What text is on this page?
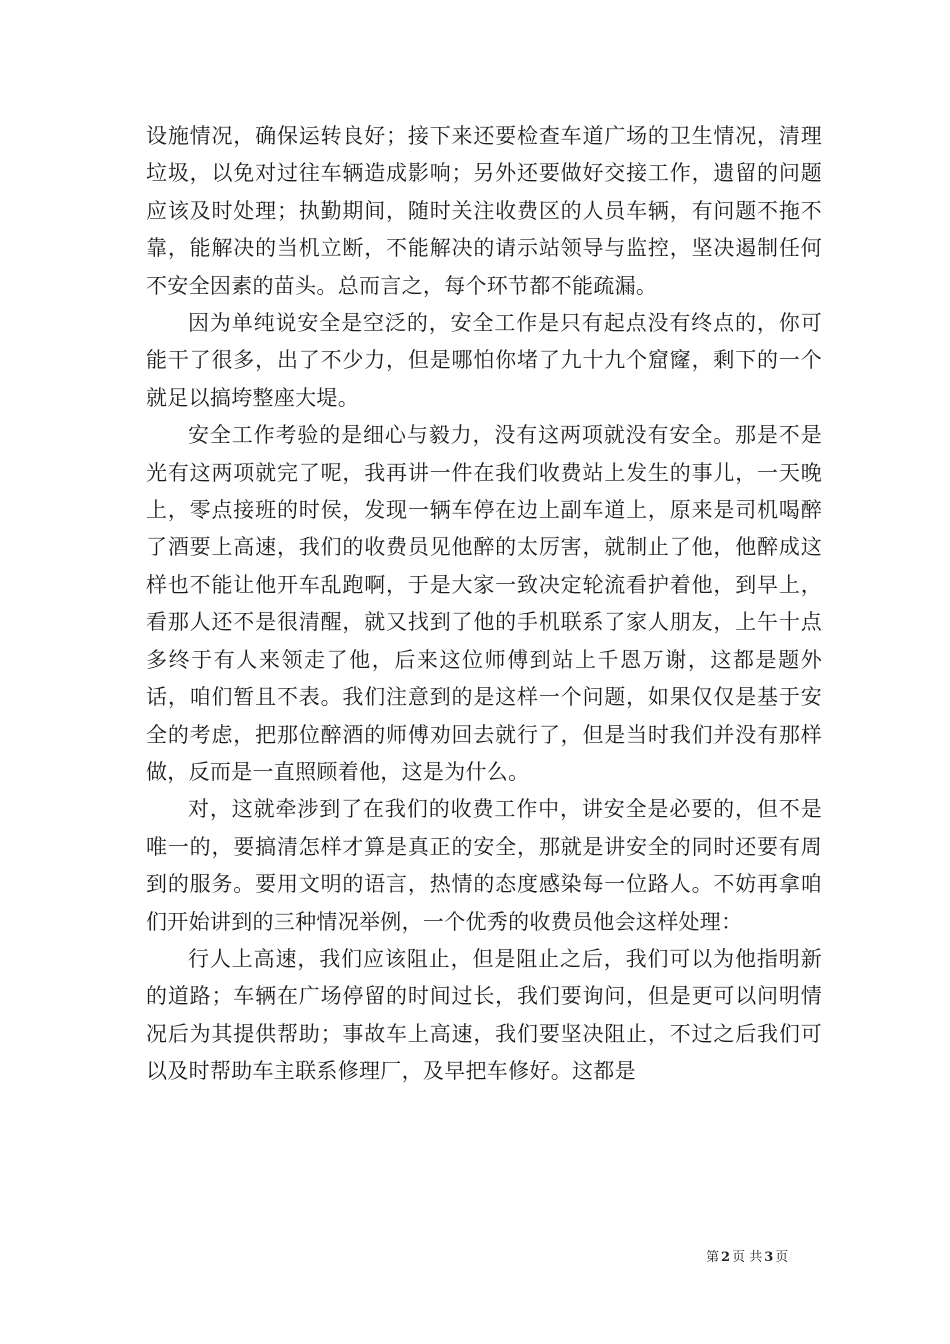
设施情况，确保运转良好；接下来还要检查车道广场的卫生情况，清理垃圾，以免对过往车辆造成影响；另外还要做好交接工作，遗留的问题应该及时处理；执勤期间，随时关注收费区的人员车辆，有问题不拖不靠，能解决的当机立断，不能解决的请示站领导与监控，坚决遏制任何不安全因素的苗头。总而言之，每个环节都不能疏漏。

因为单纯说安全是空泛的，安全工作是只有起点没有终点的，你可能干了很多，出了不少力，但是哪怕你堵了九十九个窟窿，剩下的一个就足以搞垮整座大堤。

安全工作考验的是细心与毅力，没有这两项就没有安全。那是不是光有这两项就完了呢，我再讲一件在我们收费站上发生的事儿，一天晚上，零点接班的时侯，发现一辆车停在边上副车道上，原来是司机喝醉了酒要上高速，我们的收费员见他醉的太厉害，就制止了他，他醉成这样也不能让他开车乱跑啊，于是大家一致决定轮流看护着他，到早上，看那人还不是很清醒，就又找到了他的手机联系了家人朋友，上午十点多终于有人来领走了他，后来这位师傅到站上千恩万谢，这都是题外话，咱们暂且不表。我们注意到的是这样一个问题，如果仅仅是基于安全的考虑，把那位醉酒的师傅劝回去就行了，但是当时我们并没有那样做，反而是一直照顾着他，这是为什么。

对，这就牵涉到了在我们的收费工作中，讲安全是必要的，但不是唯一的，要搞清怎样才算是真正的安全，那就是讲安全的同时还要有周到的服务。要用文明的语言，热情的态度感染每一位路人。不妨再拿咱们开始讲到的三种情况举例，一个优秀的收费员他会这样处理：

行人上高速，我们应该阻止，但是阻止之后，我们可以为他指明新的道路；车辆在广场停留的时间过长，我们要询问，但是更可以问明情况后为其提供帮助；事故车上高速，我们要坚决阻止，不过之后我们可以及时帮助车主联系修理厂，及早把车修好。这都是

第 2 页 共 3 页
